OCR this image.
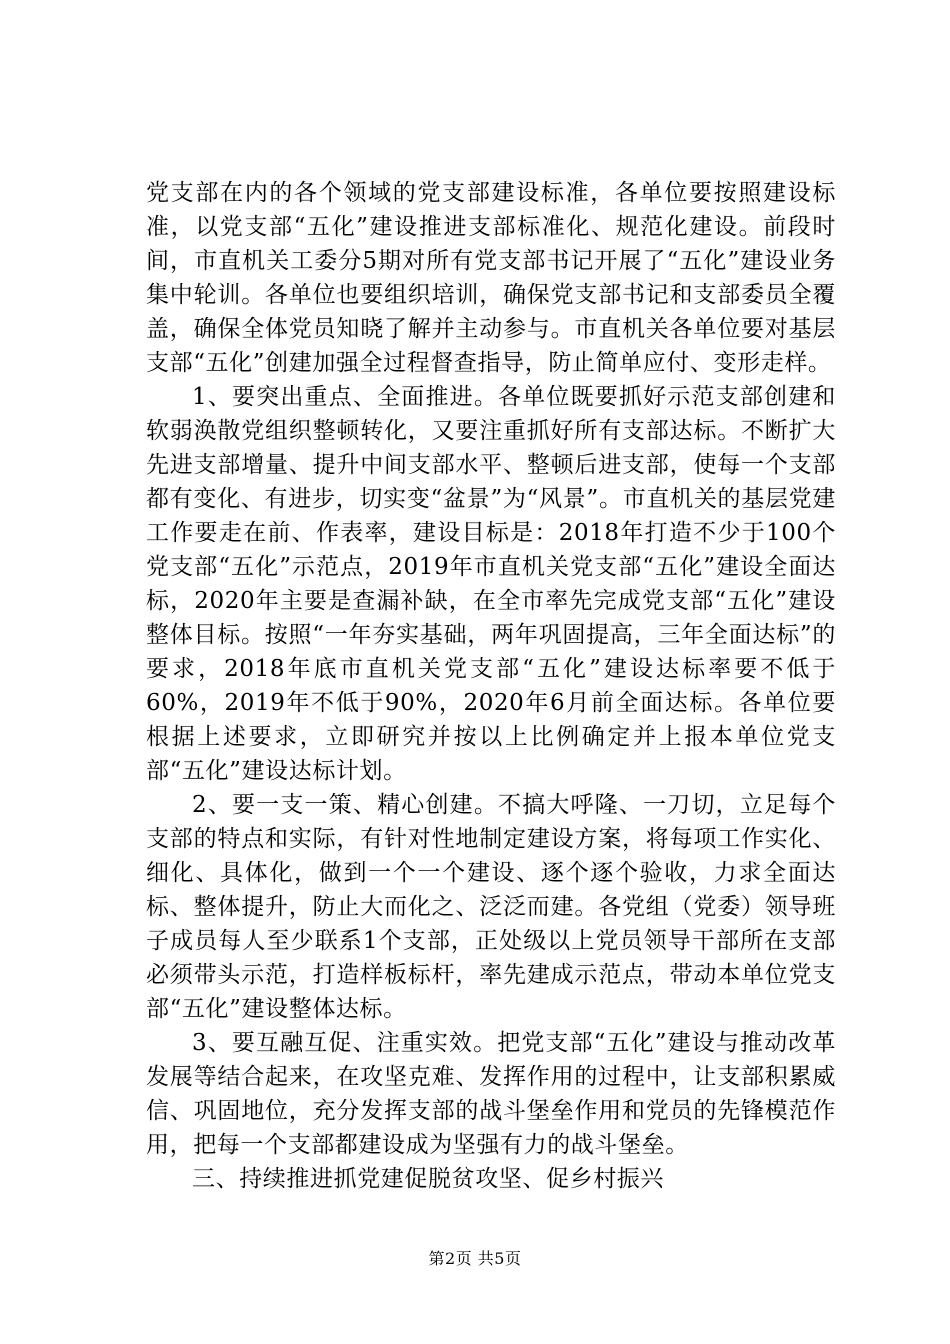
党支部在内的各个领域的党支部建设标准，各单位要按照建设标准，以党支部“五化”建设推进支部标准化、规范化建设。前段时间，市直机关工委分5期对所有党支部书记开展了“五化”建设业务集中轮训。各单位也要组织培训，确保党支部书记和支部委员全覆盖，确保全体党员知晓了解并主动参与。市直机关各单位要对基层支部“五化”创建加强全过程督查指导，防止简单应付、变形走样。

1、要突出重点、全面推进。各单位既要抓好示范支部创建和软弱涣散党组织整顿转化，又要注重抓好所有支部达标。不断扩大先进支部增量、提升中间支部水平、整顿后进支部，使每一个支部都有变化、有进步，切实变“盆景”为“风景”。市直机关的基层党建工作要走在前、作表率，建设目标是：2018年打造不少于100个党支部“五化”示范点，2019年市直机关党支部“五化”建设全面达标，2020年主要是查漏补缺，在全市率先完成党支部“五化”建设整体目标。按照“一年夯实基础，两年巩固提高，三年全面达标”的要求，2018年底市直机关党支部“五化”建设达标率要不低于60%，2019年不低于90%，2020年6月前全面达标。各单位要根据上述要求，立即研究并按以上比例确定并上报本单位党支部“五化”建设达标计划。

2、要一支一策、精心创建。不搞大呼隆、一刀切，立足每个支部的特点和实际，有针对性地制定建设方案，将每项工作实化、细化、具体化，做到一个一个建设、逐个逐个验收，力求全面达标、整体提升，防止大而化之、泛泛而建。各党组（党委）领导班子成员每人至少联系1个支部，正处级以上党员领导干部所在支部必须带头示范，打造样板标杆，率先建成示范点，带动本单位党支部“五化”建设整体达标。

3、要互融互促、注重实效。把党支部“五化”建设与推动改革发展等结合起来，在攻坚克难、发挥作用的过程中，让支部积累威信、巩固地位，充分发挥支部的战斗堡垒作用和党员的先锋模范作用，把每一个支部都建设成为坚强有力的战斗堡垒。

三、持续推进抓党建促脱贫攻坚、促乡村振兴

第2页 共5页
